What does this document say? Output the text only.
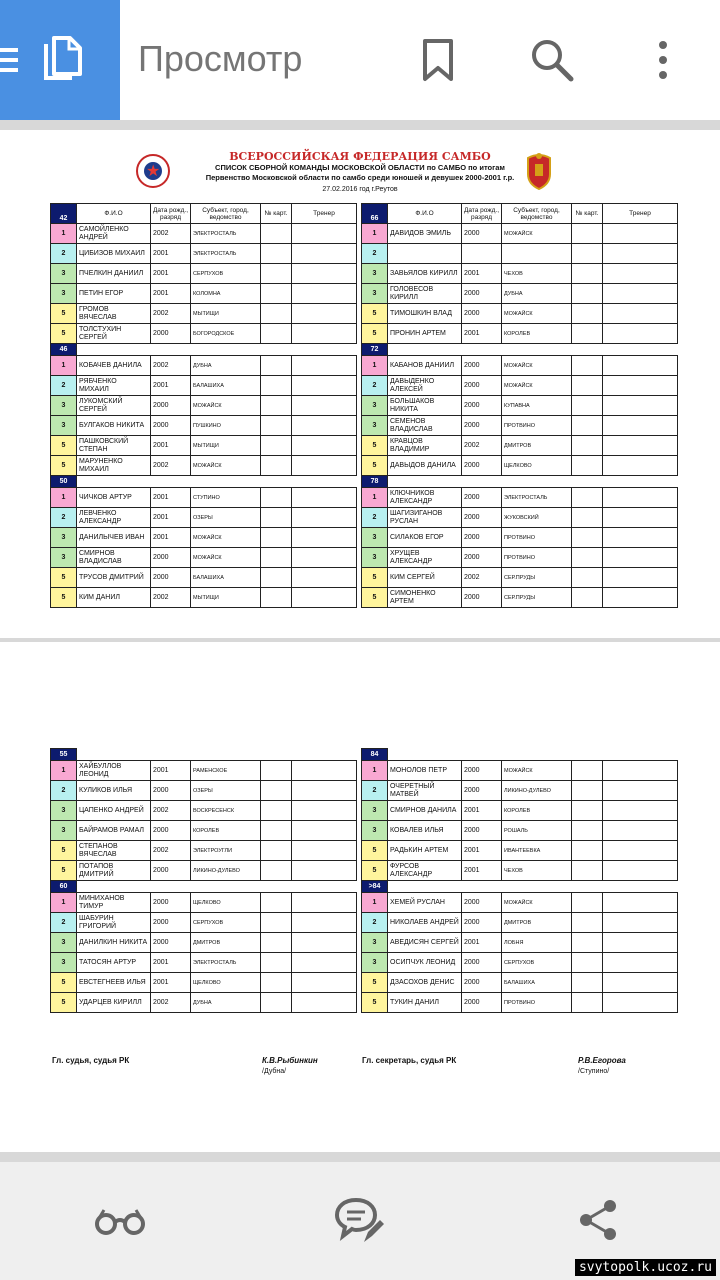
Просмотр
★
ВСЕРОССИЙСКАЯ ФЕДЕРАЦИЯ САМБО
СПИСОК СБОРНОЙ КОМАНДЫ МОСКОВСКОЙ ОБЛАСТИ по САМБО по итогам
Первенство Московской области по самбо среди юношей и девушек 2000-2001 г.р.
27.02.2016 год г.Реутов
42	Ф.И.О	Дата рожд., разряд	Субъект, город, ведомство	№ карт.	Тренер
1	САМОЙЛЕНКО АНДРЕЙ	2002	ЭЛЕКТРОСТАЛЬ		
2	ЦИБИЗОВ МИХАИЛ	2001	ЭЛЕКТРОСТАЛЬ		
3	ПЧЕЛКИН ДАНИИЛ	2001	СЕРПУХОВ		
3	ПЕТИН ЕГОР	2001	КОЛОМНА		
5	ГРОМОВ ВЯЧЕСЛАВ	2002	МЫТИЩИ		
5	ТОЛСТУХИН СЕРГЕЙ	2000	БОГОРОДСКОЕ		
46					
1	КОБАЧЕВ ДАНИЛА	2002	ДУБНА		
2	РЯБЧЕНКО МИХАИЛ	2001	БАЛАШИХА		
3	ЛУКОМСКИЙ СЕРГЕЙ	2000	МОЖАЙСК		
3	БУЛГАКОВ НИКИТА	2000	ПУШКИНО		
5	ПАШКОВСКИЙ СТЕПАН	2001	МЫТИЩИ		
5	МАРУНЕНКО МИХАИЛ	2002	МОЖАЙСК		
50					
1	ЧИЧКОВ АРТУР	2001	СТУПИНО		
2	ЛЕВЧЕНКО АЛЕКСАНДР	2001	ОЗЕРЫ		
3	ДАНИЛЫЧЕВ ИВАН	2001	МОЖАЙСК		
3	СМИРНОВ ВЛАДИСЛАВ	2000	МОЖАЙСК		
5	ТРУСОВ ДМИТРИЙ	2000	БАЛАШИХА		
5	КИМ ДАНИЛ	2002	МЫТИЩИ		
66	Ф.И.О	Дата рожд., разряд	Субъект, город, ведомство	№ карт.	Тренер
1	ДАВИДОВ ЭМИЛЬ	2000	МОЖАЙСК		
2					
3	ЗАВЬЯЛОВ КИРИЛЛ	2001	ЧЕХОВ		
3	ГОЛОВЕСОВ КИРИЛЛ	2000	ДУБНА		
5	ТИМОШКИН ВЛАД	2000	МОЖАЙСК		
5	ПРОНИН АРТЕМ	2001	КОРОЛЕВ		
72					
1	КАБАНОВ ДАНИИЛ	2000	МОЖАЙСК		
2	ДАВЫДЕНКО АЛЕКСЕЙ	2000	МОЖАЙСК		
3	БОЛЬШАКОВ НИКИТА	2000	КУПАВНА		
3	СЕМЕНОВ ВЛАДИСЛАВ	2000	ПРОТВИНО		
5	КРАВЦОВ ВЛАДИМИР	2002	ДМИТРОВ		
5	ДАВЫДОВ ДАНИЛА	2000	ЩЕЛКОВО		
78					
1	КЛЮЧНИКОВ АЛЕКСАНДР	2000	ЭЛЕКТРОСТАЛЬ		
2	ШАГИЗИГАНОВ РУСЛАН	2000	ЖУКОВСКИЙ		
3	СИЛАКОВ ЕГОР	2000	ПРОТВИНО		
3	ХРУЩЕВ АЛЕКСАНДР	2000	ПРОТВИНО		
5	КИМ СЕРГЕЙ	2002	СЕР.ПРУДЫ		
5	СИМОНЕНКО АРТЕМ	2000	СЕР.ПРУДЫ		
55					
1	ХАЙБУЛЛОВ ЛЕОНИД	2001	РАМЕНСКОЕ		
2	КУЛИКОВ ИЛЬЯ	2000	ОЗЕРЫ		
3	ЦАПЕНКО АНДРЕЙ	2002	ВОСКРЕСЕНСК		
3	БАЙРАМОВ РАМАЛ	2000	КОРОЛЕВ		
5	СТЕПАНОВ ВЯЧЕСЛАВ	2002	ЭЛЕКТРОУГЛИ		
5	ПОТАПОВ ДМИТРИЙ	2000	ЛИКИНО-ДУЛЕВО		
60					
1	МИНИХАНОВ ТИМУР	2000	ЩЕЛКОВО		
2	ШАБУРИН ГРИГОРИЙ	2000	СЕРПУХОВ		
3	ДАНИЛКИН НИКИТА	2000	ДМИТРОВ		
3	ТАТОСЯН АРТУР	2001	ЭЛЕКТРОСТАЛЬ		
5	ЕВСТЕГНЕЕВ ИЛЬЯ	2001	ЩЕЛКОВО		
5	УДАРЦЕВ КИРИЛЛ	2002	ДУБНА		
84					
1	МОНОЛОВ ПЕТР	2000	МОЖАЙСК		
2	ОЧЕРЕТНЫЙ МАТВЕЙ	2000	ЛИКИНО-ДУЛЕВО		
3	СМИРНОВ ДАНИЛА	2001	КОРОЛЕВ		
3	КОВАЛЕВ ИЛЬЯ	2000	РОШАЛЬ		
5	РАДЬКИН АРТЕМ	2001	ИВАНТЕЕВКА		
5	ФУРСОВ АЛЕКСАНДР	2001	ЧЕХОВ		
>84					
1	ХЕМЕЙ РУСЛАН	2000	МОЖАЙСК		
2	НИКОЛАЕВ АНДРЕЙ	2000	ДМИТРОВ		
3	АВЕДИСЯН СЕРГЕЙ	2001	ЛОБНЯ		
3	ОСИПЧУК ЛЕОНИД	2000	СЕРПУХОВ		
5	ДЗАСОХОВ ДЕНИС	2000	БАЛАШИХА		
5	ТУКИН ДАНИЛ	2000	ПРОТВИНО		
Гл. судья, судья РК	К.В.Рыбинкин
/Дубна/
Гл. секретарь, судья РК	Р.В.Егорова
/Ступино/
svytopolk.ucoz.ru
